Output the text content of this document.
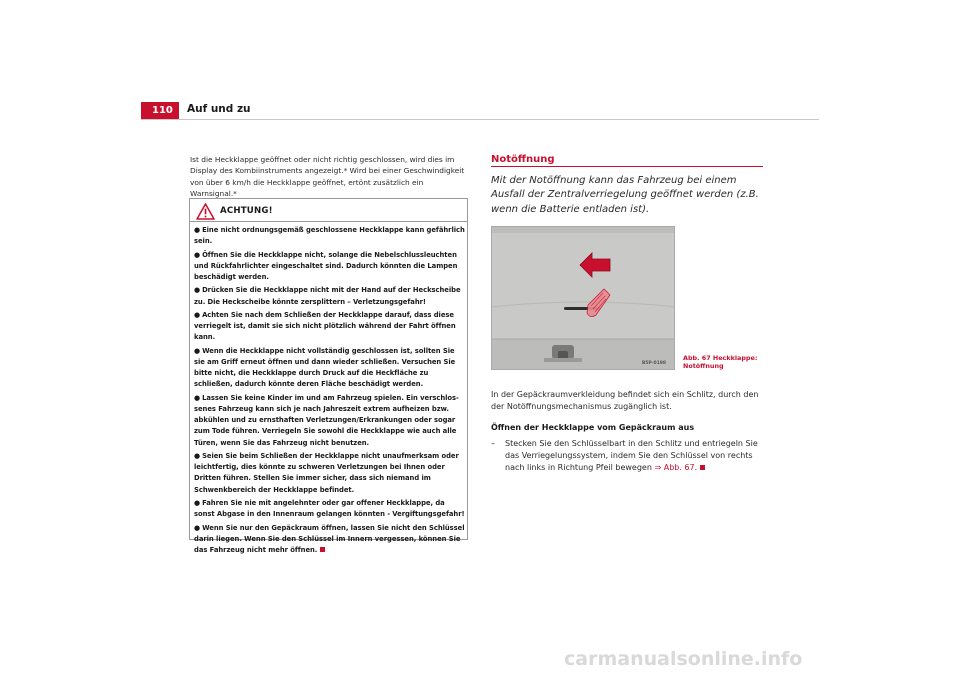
110	Auf und zu

Ist die Heckklappe geöffnet oder nicht richtig geschlossen, wird dies im Display des Kombiinstruments angezeigt.* Wird bei einer Geschwindigkeit von über 6 km/h die Heckklappe geöffnet, ertönt zusätzlich ein Warnsignal.*

ACHTUNG!
● Eine nicht ordnungsgemäß geschlossene Heckklappe kann gefährlich sein.
● Öffnen Sie die Heckklappe nicht, solange die Nebelschlussleuchten und Rückfahrlichter eingeschaltet sind. Dadurch könnten die Lampen beschädigt werden.
● Drücken Sie die Heckklappe nicht mit der Hand auf der Heckscheibe zu. Die Heckscheibe könnte zersplittern – Verletzungsgefahr!
● Achten Sie nach dem Schließen der Heckklappe darauf, dass diese verriegelt ist, damit sie sich nicht plötzlich während der Fahrt öffnen kann.
● Wenn die Heckklappe nicht vollständig geschlossen ist, sollten Sie sie am Griff erneut öffnen und dann wieder schließen. Versuchen Sie bitte nicht, die Heckklappe durch Druck auf die Heckfläche zu schließen, dadurch könnte deren Fläche beschädigt werden.
● Lassen Sie keine Kinder im und am Fahrzeug spielen. Ein verschlos-senes Fahrzeug kann sich je nach Jahreszeit extrem aufheizen bzw. abkühlen und zu ernsthaften Verletzungen/Erkrankungen oder sogar zum Tode führen. Verriegeln Sie sowohl die Heckklappe wie auch alle Türen, wenn Sie das Fahrzeug nicht benutzen.
● Seien Sie beim Schließen der Heckklappe nicht unaufmerksam oder leichtfertig, dies könnte zu schweren Verletzungen bei Ihnen oder Dritten führen. Stellen Sie immer sicher, dass sich niemand im Schwenkbereich der Heckklappe befindet.
● Fahren Sie nie mit angelehnter oder gar offener Heckklappe, da sonst Abgase in den Innenraum gelangen könnten - Vergiftungsgefahr!
● Wenn Sie nur den Gepäckraum öffnen, lassen Sie nicht den Schlüssel darin liegen. Wenn Sie den Schlüssel im Innern vergessen, können Sie das Fahrzeug nicht mehr öffnen.
Notöffnung

Mit der Notöffnung kann das Fahrzeug bei einem Ausfall der Zentralverriegelung geöffnet werden (z.B. wenn die Batterie entladen ist).

B5P-0198
Abb. 67 Heckklappe: Notöffnung

In der Gepäckraumverkleidung befindet sich ein Schlitz, durch den der Notöffnungsmechanismus zugänglich ist.

Öffnen der Heckklappe vom Gepäckraum aus
–	Stecken Sie den Schlüsselbart in den Schlitz und entriegeln Sie das Verriegelungssystem, indem Sie den Schlüssel von rechts nach links in Richtung Pfeil bewegen ⇒ Abb. 67.
carmanualsonline.info
